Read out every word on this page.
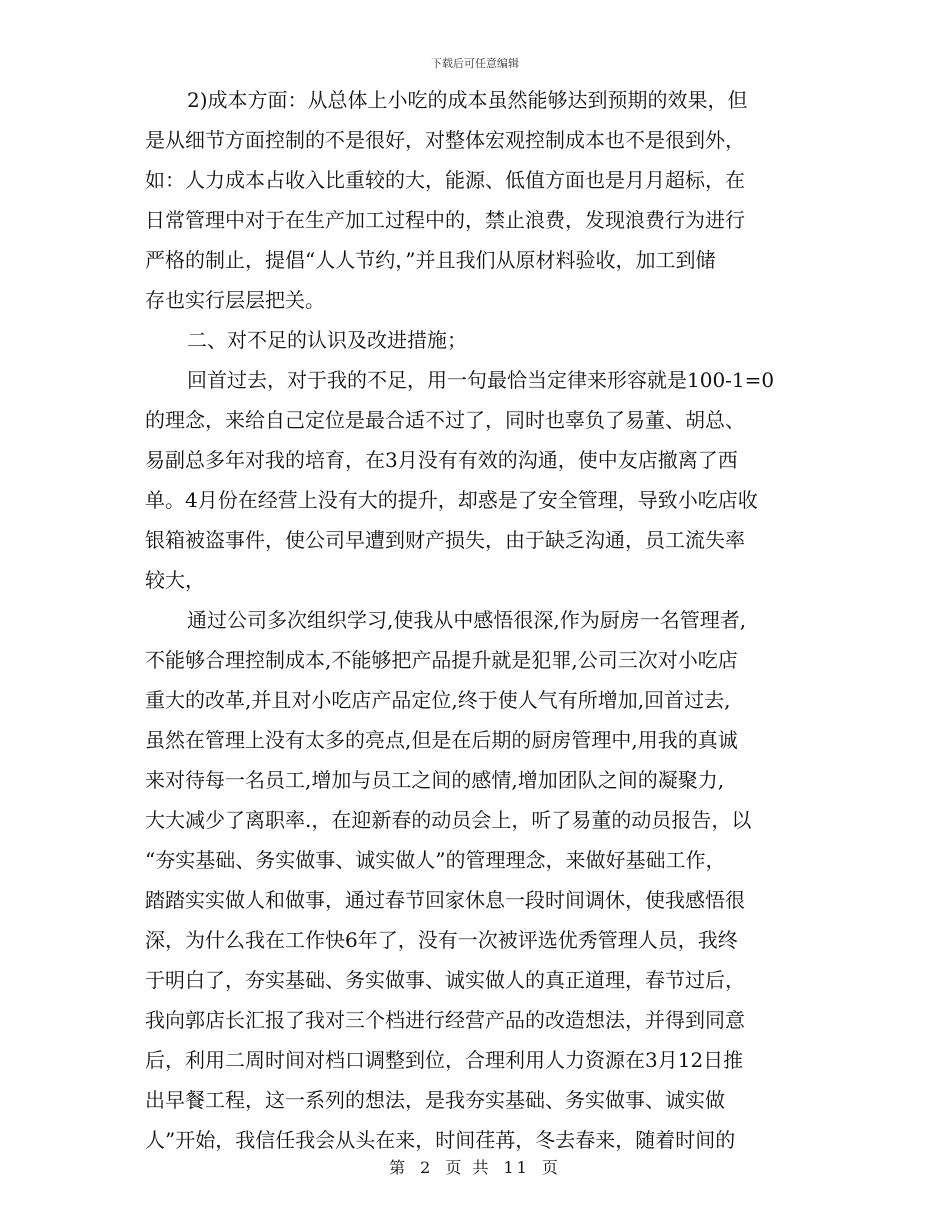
下载后可任意编辑

2)成本方面：从总体上小吃的成本虽然能够达到预期的效果，但
是从细节方面控制的不是很好，对整体宏观控制成本也不是很到外，
如：人力成本占收入比重较的大，能源、低值方面也是月月超标，在
日常管理中对于在生产加工过程中的，禁止浪费，发现浪费行为进行
严格的制止，提倡“人人节约，”并且我们从原材料验收，加工到储
存也实行层层把关。

二、对不足的认识及改进措施；

回首过去，对于我的不足，用一句最恰当定律来形容就是100-1=0
的理念，来给自己定位是最合适不过了，同时也辜负了易董、胡总、
易副总多年对我的培育，在3月没有有效的沟通，使中友店撤离了西
单。4月份在经营上没有大的提升，却惑是了安全管理，导致小吃店收
银箱被盗事件，使公司早遭到财产损失，由于缺乏沟通，员工流失率
较大，

通过公司多次组织学习,使我从中感悟很深,作为厨房一名管理者,
不能够合理控制成本,不能够把产品提升就是犯罪,公司三次对小吃店
重大的改革,并且对小吃店产品定位,终于使人气有所增加,回首过去,
虽然在管理上没有太多的亮点,但是在后期的厨房管理中,用我的真诚
来对待每一名员工,增加与员工之间的感情,增加团队之间的凝聚力,
大大减少了离职率.，在迎新春的动员会上，听了易董的动员报告，以
“夯实基础、务实做事、诚实做人”的管理理念，来做好基础工作，
踏踏实实做人和做事，通过春节回家休息一段时间调休，使我感悟很
深，为什么我在工作快6年了，没有一次被评选优秀管理人员，我终
于明白了，夯实基础、务实做事、诚实做人的真正道理，春节过后，
我向郭店长汇报了我对三个档进行经营产品的改造想法，并得到同意
后，利用二周时间对档口调整到位，合理利用人力资源在3月12日推
出早餐工程，这一系列的想法，是我夯实基础、务实做事、诚实做
人”开始，我信任我会从头在来，时间荏苒，冬去春来，随着时间的

第 2 页 共 11 页
